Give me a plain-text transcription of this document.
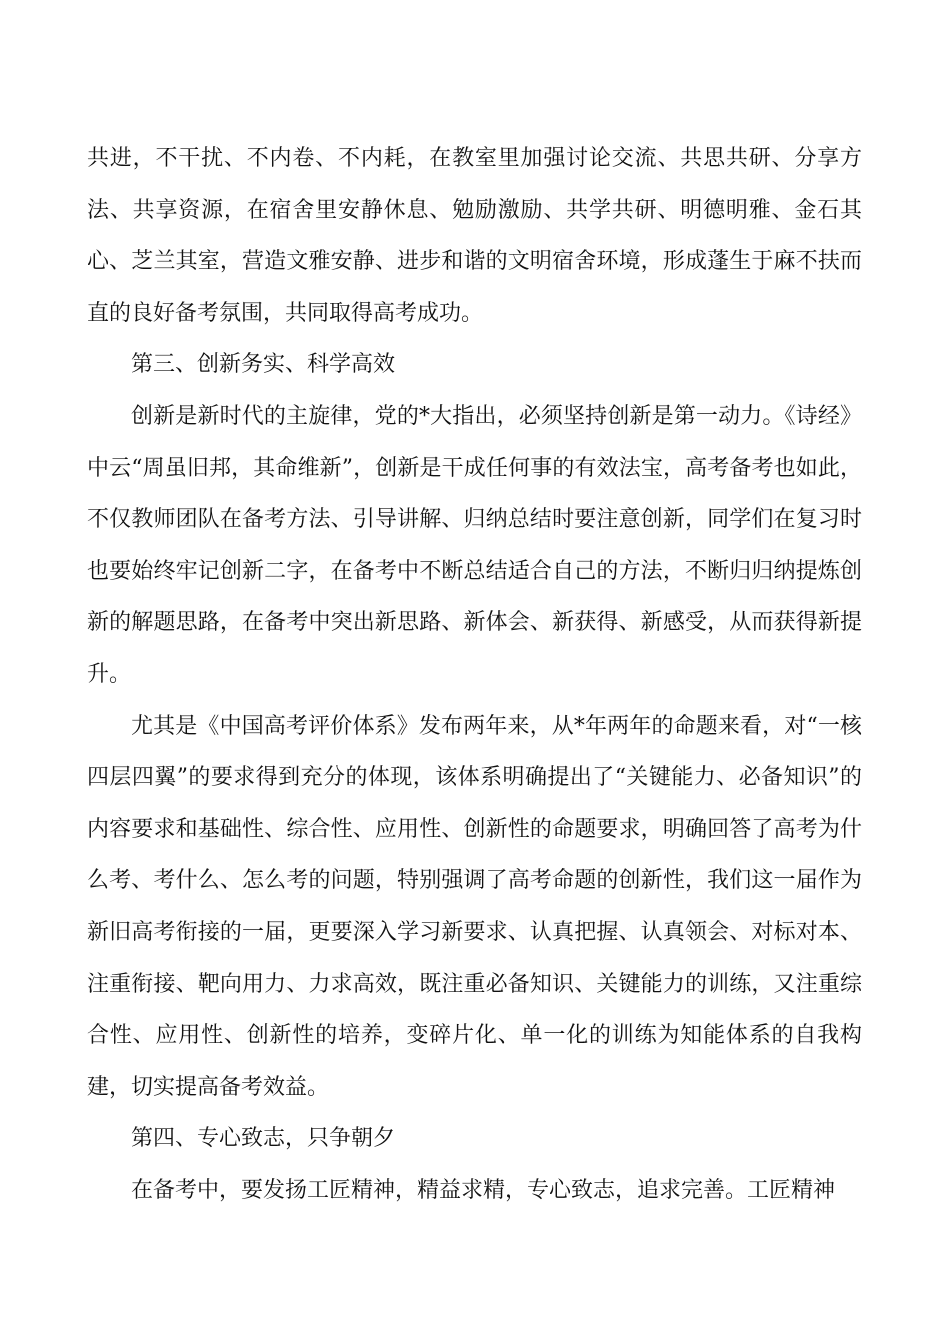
共进，不干扰、不内卷、不内耗，在教室里加强讨论交流、共思共研、分享方法、共享资源，在宿舍里安静休息、勉励激励、共学共研、明德明雅、金石其心、芝兰其室，营造文雅安静、进步和谐的文明宿舍环境，形成蓬生于麻不扶而直的良好备考氛围，共同取得高考成功。

第三、创新务实、科学高效

创新是新时代的主旋律，党的*大指出，必须坚持创新是第一动力。《诗经》中云“周虽旧邦，其命维新”，创新是干成任何事的有效法宝，高考备考也如此，不仅教师团队在备考方法、引导讲解、归纳总结时要注意创新，同学们在复习时也要始终牢记创新二字，在备考中不断总结适合自己的方法，不断归归纳提炼创新的解题思路，在备考中突出新思路、新体会、新获得、新感受，从而获得新提升。

尤其是《中国高考评价体系》发布两年来，从*年两年的命题来看，对“一核四层四翼”的要求得到充分的体现，该体系明确提出了“关键能力、必备知识”的内容要求和基础性、综合性、应用性、创新性的命题要求，明确回答了高考为什么考、考什么、怎么考的问题，特别强调了高考命题的创新性，我们这一届作为新旧高考衔接的一届，更要深入学习新要求、认真把握、认真领会、对标对本、注重衔接、靶向用力、力求高效，既注重必备知识、关键能力的训练，又注重综合性、应用性、创新性的培养，变碎片化、单一化的训练为知能体系的自我构建，切实提高备考效益。

第四、专心致志，只争朝夕

在备考中，要发扬工匠精神，精益求精，专心致志，追求完善。工匠精神
